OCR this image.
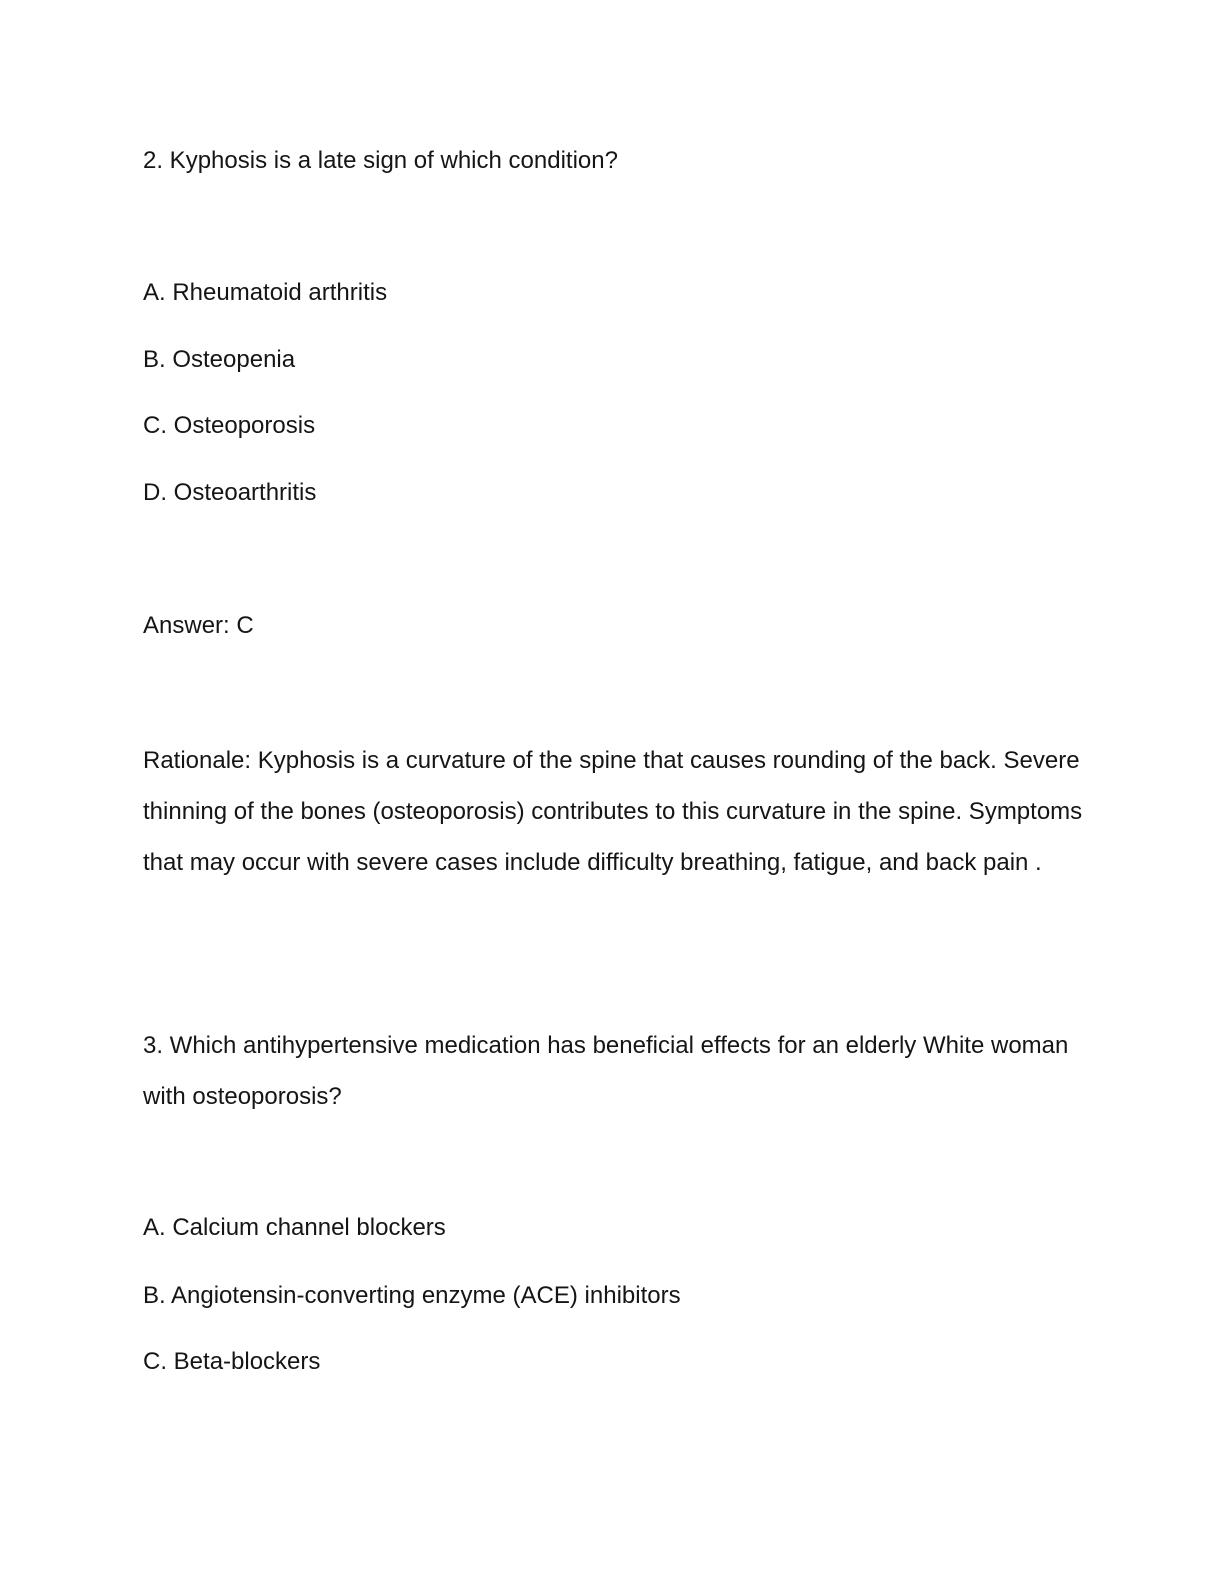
2. Kyphosis is a late sign of which condition?

A. Rheumatoid arthritis

B. Osteopenia

C. Osteoporosis

D. Osteoarthritis

Answer: C

Rationale: Kyphosis is a curvature of the spine that causes rounding of the back. Severe thinning of the bones (osteoporosis) contributes to this curvature in the spine. Symptoms that may occur with severe cases include difficulty breathing, fatigue, and back pain .

3. Which antihypertensive medication has beneficial effects for an elderly White woman with osteoporosis?

A. Calcium channel blockers

B. Angiotensin-converting enzyme (ACE) inhibitors

C. Beta-blockers
